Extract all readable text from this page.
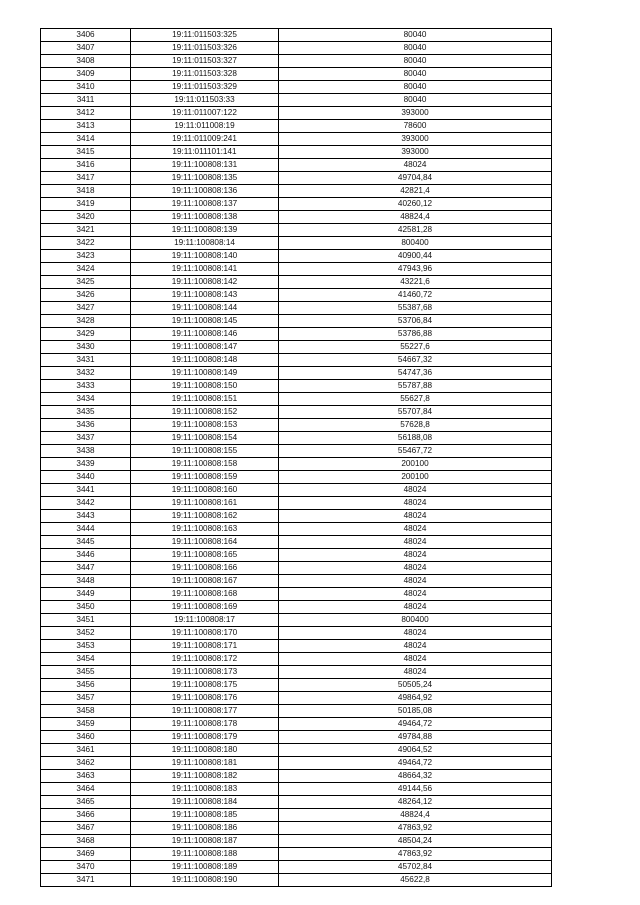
3406	19:11:011503:325	80040
3407	19:11:011503:326	80040
3408	19:11:011503:327	80040
3409	19:11:011503:328	80040
3410	19:11:011503:329	80040
3411	19:11:011503:33	80040
3412	19:11:011007:122	393000
3413	19:11:011008:19	78600
3414	19:11:011009:241	393000
3415	19:11:011101:141	393000
3416	19:11:100808:131	48024
3417	19:11:100808:135	49704,84
3418	19:11:100808:136	42821,4
3419	19:11:100808:137	40260,12
3420	19:11:100808:138	48824,4
3421	19:11:100808:139	42581,28
3422	19:11:100808:14	800400
3423	19:11:100808:140	40900,44
3424	19:11:100808:141	47943,96
3425	19:11:100808:142	43221,6
3426	19:11:100808:143	41460,72
3427	19:11:100808:144	55387,68
3428	19:11:100808:145	53706,84
3429	19:11:100808:146	53786,88
3430	19:11:100808:147	55227,6
3431	19:11:100808:148	54667,32
3432	19:11:100808:149	54747,36
3433	19:11:100808:150	55787,88
3434	19:11:100808:151	55627,8
3435	19:11:100808:152	55707,84
3436	19:11:100808:153	57628,8
3437	19:11:100808:154	56188,08
3438	19:11:100808:155	55467,72
3439	19:11:100808:158	200100
3440	19:11:100808:159	200100
3441	19:11:100808:160	48024
3442	19:11:100808:161	48024
3443	19:11:100808:162	48024
3444	19:11:100808:163	48024
3445	19:11:100808:164	48024
3446	19:11:100808:165	48024
3447	19:11:100808:166	48024
3448	19:11:100808:167	48024
3449	19:11:100808:168	48024
3450	19:11:100808:169	48024
3451	19:11:100808:17	800400
3452	19:11:100808:170	48024
3453	19:11:100808:171	48024
3454	19:11:100808:172	48024
3455	19:11:100808:173	48024
3456	19:11:100808:175	50505,24
3457	19:11:100808:176	49864,92
3458	19:11:100808:177	50185,08
3459	19:11:100808:178	49464,72
3460	19:11:100808:179	49784,88
3461	19:11:100808:180	49064,52
3462	19:11:100808:181	49464,72
3463	19:11:100808:182	48664,32
3464	19:11:100808:183	49144,56
3465	19:11:100808:184	48264,12
3466	19:11:100808:185	48824,4
3467	19:11:100808:186	47863,92
3468	19:11:100808:187	48504,24
3469	19:11:100808:188	47863,92
3470	19:11:100808:189	45702,84
3471	19:11:100808:190	45622,8
